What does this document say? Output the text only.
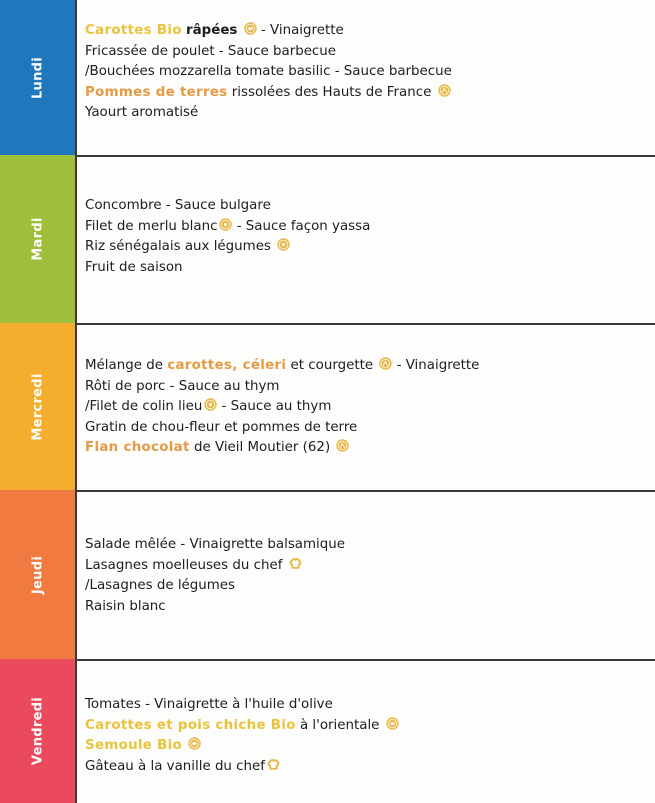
Lundi
Carottes Bio râpées
- Vinaigrette
Fricassée de poulet - Sauce barbecue
/Bouchées mozzarella tomate basilic - Sauce barbecue
Pommes de terres rissolées des Hauts de France
Yaourt aromatisé
Mardi
Concombre - Sauce bulgare
Filet de merlu blanc
- Sauce façon yassa
Riz sénégalais aux légumes
Fruit de saison
Mercredi
Mélange de carottes, céleri et courgette
- Vinaigrette
Rôti de porc - Sauce au thym
/Filet de colin lieu
- Sauce au thym
Gratin de chou-fleur et pommes de terre
Flan chocolat de Vieil Moutier (62)
Jeudi
Salade mêlée - Vinaigrette balsamique
Lasagnes moelleuses du chef
/Lasagnes de légumes
Raisin blanc
Vendredi	Tomates - Vinaigrette à l'huile d'olive
Carottes et pois chiche Bio à l'orientale
Semoule Bio
Gâteau à la vanille du chef
